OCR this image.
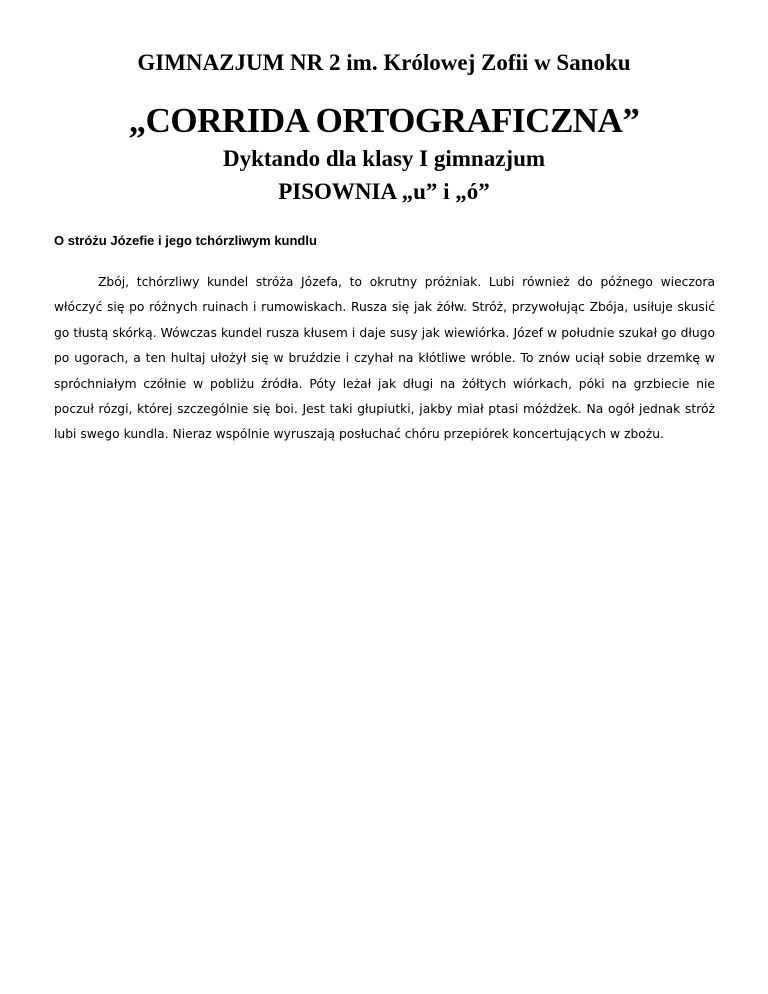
GIMNAZJUM NR 2 im. Królowej Zofii w Sanoku
„CORRIDA ORTOGRAFICZNA”
Dyktando dla klasy I gimnazjum
PISOWNIA „u” i „ó”
O stróżu Józefie i jego tchórzliwym kundlu

Zbój, tchórzliwy kundel stróża Józefa, to okrutny próżniak. Lubi również do późnego wieczora włóczyć się po różnych ruinach i rumowiskach. Rusza się jak żółw. Stróż, przywołując Zbója, usiłuje skusić go tłustą skórką. Wówczas kundel rusza kłusem i daje susy jak wiewiórka. Józef w południe szukał go długo po ugorach, a ten hultaj ułożył się w bruździe i czyhał na kłótliwe wróble. To znów uciął sobie drzemkę w spróchniałym czółnie w pobliżu źródła. Póty leżał jak długi na żółtych wiórkach, póki na grzbiecie nie poczuł rózgi, której szczególnie się boi. Jest taki głupiutki, jakby miał ptasi móżdżek. Na ogół jednak stróż lubi swego kundla. Nieraz wspólnie wyruszają posłuchać chóru przepiórek koncertujących w zbożu.
